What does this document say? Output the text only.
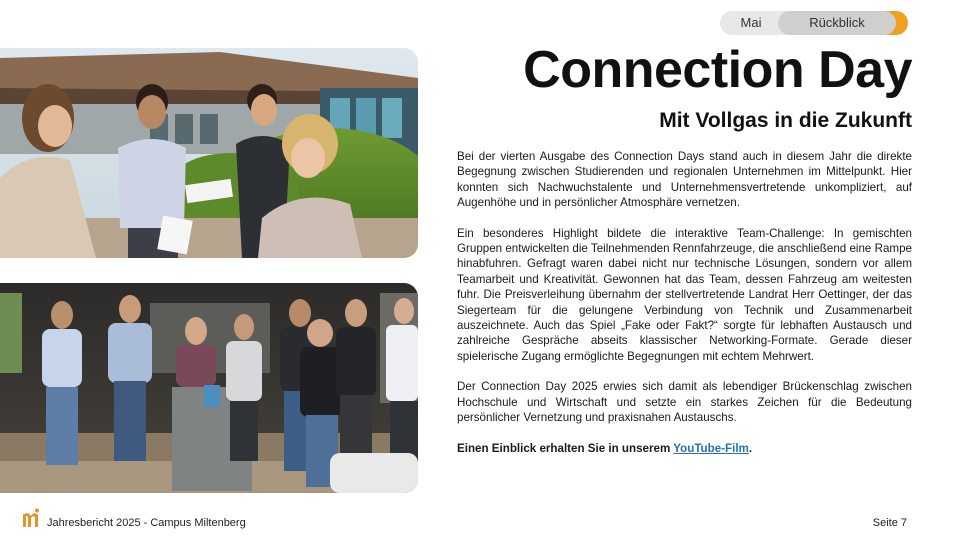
Mai	Rückblick
Connection Day
Mit Vollgas in die Zukunft

Bei der vierten Ausgabe des Connection Days stand auch in diesem Jahr die direkte Begegnung zwischen Studierenden und regionalen Unternehmen im Mittelpunkt. Hier konnten sich Nachwuchstalente und Unternehmensvertretende unkompliziert, auf Augenhöhe und in persönlicher Atmosphäre vernetzen.

Ein besonderes Highlight bildete die interaktive Team-Challenge: In gemischten Gruppen entwickelten die Teilnehmenden Rennfahrzeuge, die anschließend eine Rampe hinabfuhren. Gefragt waren dabei nicht nur technische Lösungen, sondern vor allem Teamarbeit und Kreativität. Gewonnen hat das Team, dessen Fahrzeug am weitesten fuhr. Die Preisverleihung übernahm der stellvertretende Landrat Herr Oettinger, der das Siegerteam für die gelungene Verbindung von Technik und Zusammenarbeit auszeichnete. Auch das Spiel „Fake oder Fakt?“ sorgte für lebhaften Austausch und zahlreiche Gespräche abseits klassischer Networking-Formate. Gerade dieser spielerische Zugang ermöglichte Begegnungen mit echtem Mehrwert.

Der Connection Day 2025 erwies sich damit als lebendiger Brückenschlag zwischen Hochschule und Wirtschaft und setzte ein starkes Zeichen für die Bedeutung persönlicher Vernetzung und praxisnahen Austauschs.

Einen Einblick erhalten Sie in unserem YouTube-Film.

Jahresbericht 2025 - Campus Miltenberg	Seite 7
